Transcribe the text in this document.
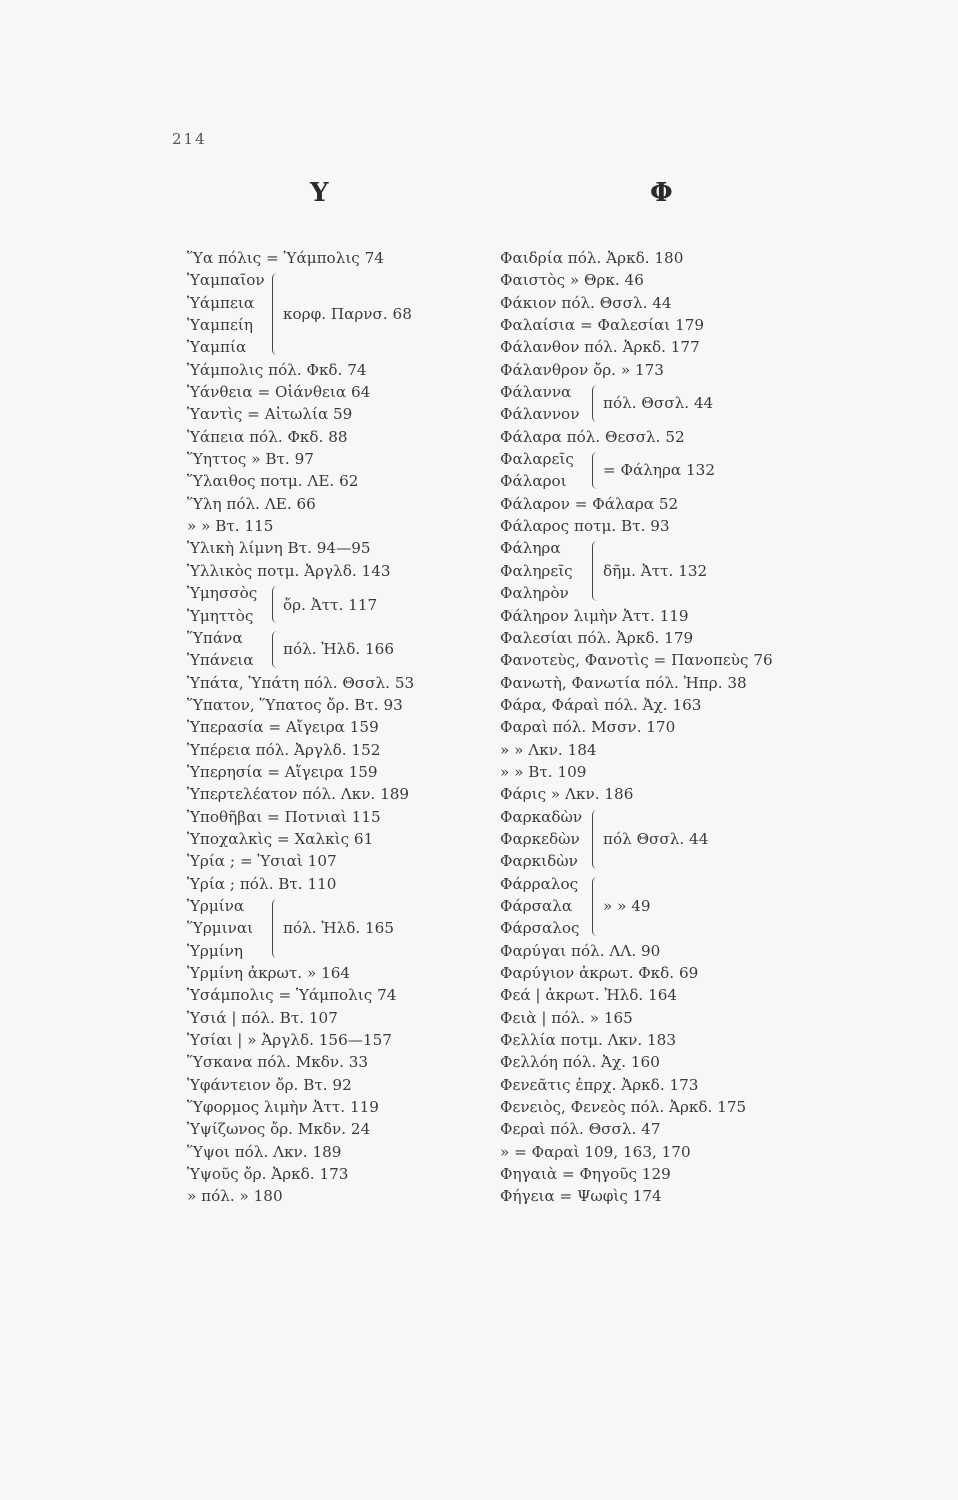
214
Υ	Φ
Ὕα πόλις = Ὑάμπολις 74
Ὑαμπαῖον
Ὑάμπεια
Ὑαμπείη
Ὑαμπία
κορφ. Παρνσ. 68
Ὑάμπολις πόλ. Φκδ. 74
Ὑάνθεια = Οἰάνθεια 64
Ὑαντὶς = Αἰτωλία 59
Ὑάπεια πόλ. Φκδ. 88
Ὕηττος » Βτ. 97
Ὕλαιθος ποτμ. ΛΕ. 62
Ὕλη πόλ. ΛΕ. 66
» » Βτ. 115
Ὑλικὴ λίμνη Βτ. 94—95
Ὑλλικὸς ποτμ. Ἀργλδ. 143
Ὑμησσὸς
Ὑμηττὸς
ὄρ. Ἀττ. 117
Ὕπάνα
Ὑπάνεια
πόλ. Ἠλδ. 166
Ὑπάτα, Ὑπάτη πόλ. Θσσλ. 53
Ὕπατον, Ὕπατος ὄρ. Βτ. 93
Ὑπερασία = Αἴγειρα 159
Ὑπέρεια πόλ. Ἀργλδ. 152
Ὑπερησία = Αἴγειρα 159
Ὑπερτελέατον πόλ. Λκν. 189
Ὑποθῆβαι = Ποτνιαὶ 115
Ὑποχαλκὶς = Χαλκὶς 61
Ὑρία ; = Ὑσιαὶ 107
Ὑρία ; πόλ. Βτ. 110
Ὑρμίνα
Ὕρμιναι
Ὑρμίνη
πόλ. Ἠλδ. 165
Ὑρμίνη ἀκρωτ. » 164
Ὑσάμπολις = Ὑάμπολις 74
Ὑσιά | πόλ. Βτ. 107
Ὑσίαι | » Ἀργλδ. 156—157
Ὕσκανα πόλ. Μκδν. 33
Ὑφάντειον ὄρ. Βτ. 92
Ὕφορμος λιμὴν Ἀττ. 119
Ὑψίζωνος ὄρ. Μκδν. 24
Ὕψοι πόλ. Λκν. 189
Ὑψοῦς ὄρ. Ἀρκδ. 173
» πόλ. » 180
Φαιδρία πόλ. Ἀρκδ. 180
Φαιστὸς » Θρκ. 46
Φάκιον πόλ. Θσσλ. 44
Φαλαίσια = Φαλεσίαι 179
Φάλανθον πόλ. Ἀρκδ. 177
Φάλανθρον ὄρ. » 173
Φάλαννα
Φάλαννον
πόλ. Θσσλ. 44
Φάλαρα πόλ. Θεσσλ. 52
Φαλαρεῖς
Φάλαροι
= Φάληρα 132
Φάλαρον = Φάλαρα 52
Φάλαρος ποτμ. Βτ. 93
Φάληρα
Φαληρεῖς
Φαληρὸν
δῆμ. Ἀττ. 132
Φάληρον λιμὴν Ἀττ. 119
Φαλεσίαι πόλ. Ἀρκδ. 179
Φανοτεὺς, Φανοτὶς = Πανοπεὺς 76
Φανωτὴ, Φανωτία πόλ. Ἠπρ. 38
Φάρα, Φάραὶ πόλ. Ἀχ. 163
Φαραὶ πόλ. Μσσν. 170
» » Λκν. 184
» » Βτ. 109
Φάρις » Λκν. 186
Φαρκαδὼν
Φαρκεδὼν
Φαρκιδὼν
πόλ Θσσλ. 44
Φάρραλος
Φάρσαλα
Φάρσαλος
» » 49
Φαρύγαι πόλ. ΛΛ. 90
Φαρύγιον ἀκρωτ. Φκδ. 69
Φεά | ἀκρωτ. Ἠλδ. 164
Φειὰ | πόλ. » 165
Φελλία ποτμ. Λκν. 183
Φελλόη πόλ. Ἀχ. 160
Φενεᾶτις ἐπρχ. Ἀρκδ. 173
Φενειὸς, Φενεὸς πόλ. Ἀρκδ. 175
Φεραὶ πόλ. Θσσλ. 47
» = Φαραὶ 109, 163, 170
Φηγαιὰ = Φηγοῦς 129
Φήγεια = Ψωφὶς 174
